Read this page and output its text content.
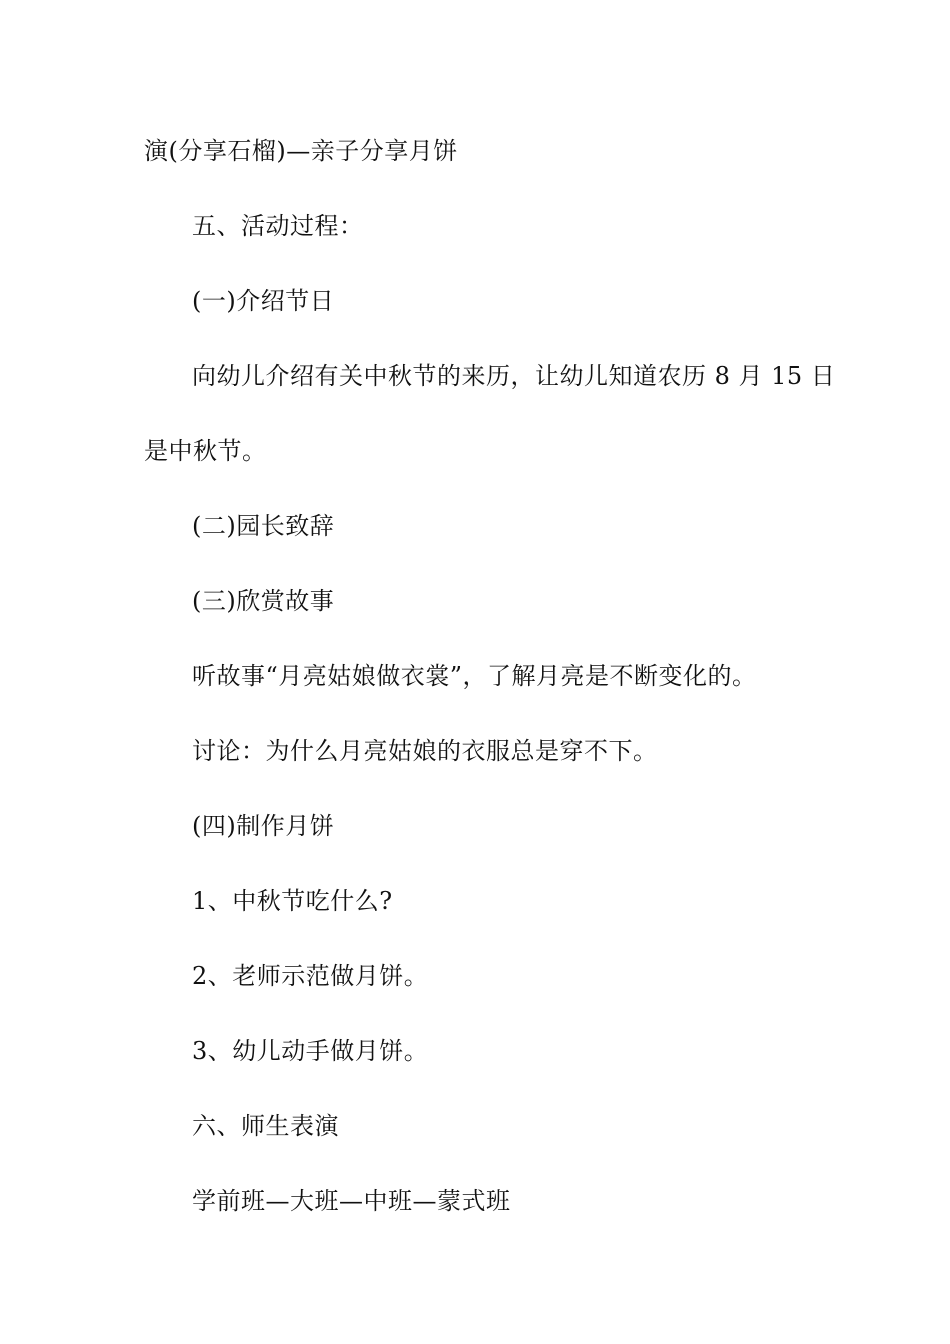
演(分享石榴)—亲子分享月饼
五、活动过程：
(一)介绍节日
向幼儿介绍有关中秋节的来历，让幼儿知道农历 8 月 15 日
是中秋节。
(二)园长致辞
(三)欣赏故事
听故事“月亮姑娘做衣裳”，了解月亮是不断变化的。
讨论：为什么月亮姑娘的衣服总是穿不下。
(四)制作月饼
1、中秋节吃什么?
2、老师示范做月饼。
3、幼儿动手做月饼。
六、师生表演
学前班—大班—中班—蒙式班
